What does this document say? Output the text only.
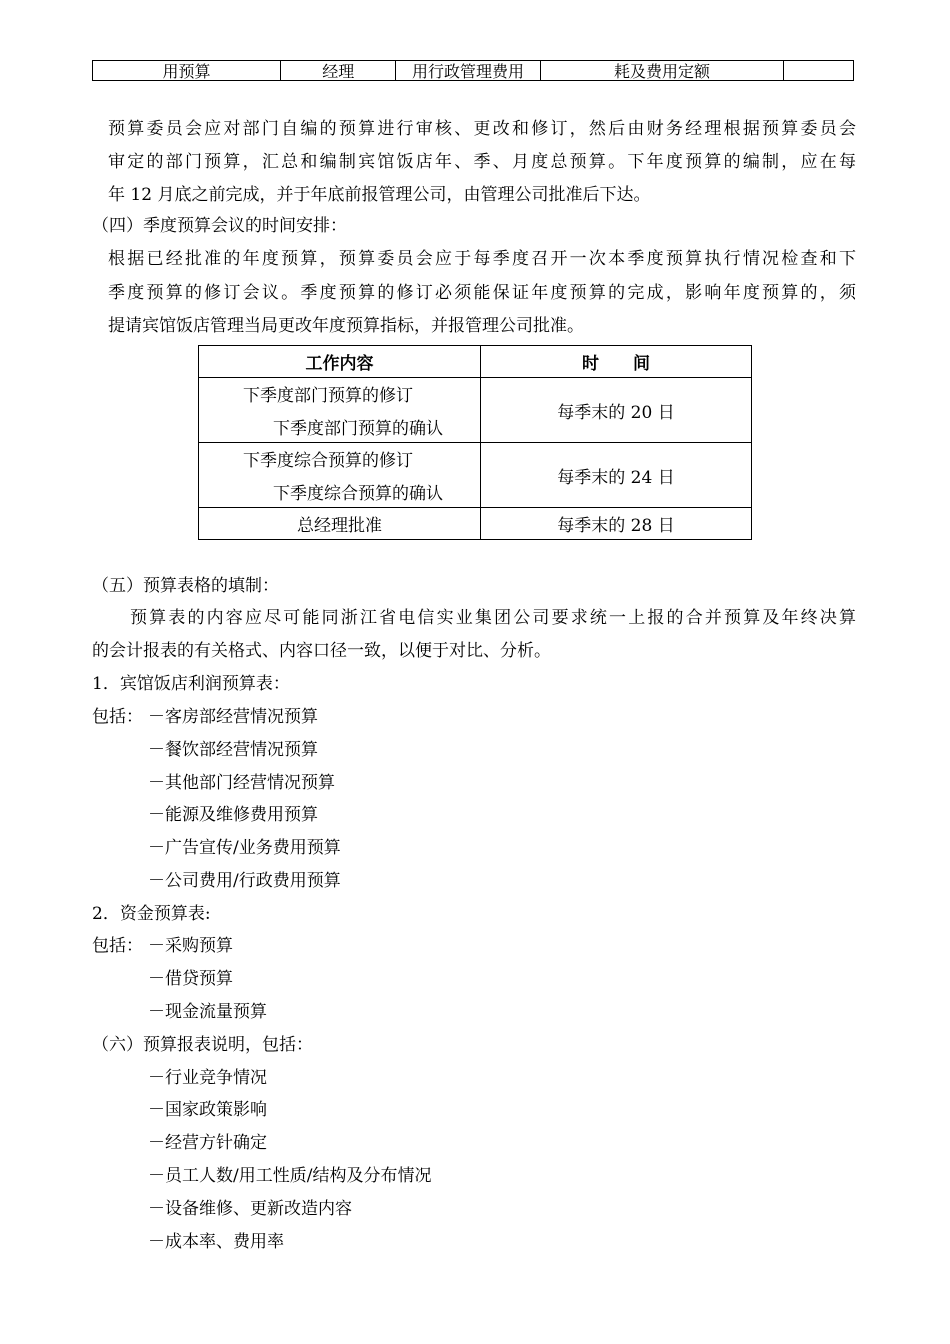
用预算	经理	用行政管理费用	耗及费用定额
预算委员会应对部门自编的预算进行审核、更改和修订，然后由财务经理根据预算委员会
审定的部门预算，汇总和编制宾馆饭店年、季、月度总预算。下年度预算的编制，应在每
年 12 月底之前完成，并于年底前报管理公司，由管理公司批准后下达。
（四）季度预算会议的时间安排：
根据已经批准的年度预算，预算委员会应于每季度召开一次本季度预算执行情况检查和下
季度预算的修订会议。季度预算的修订必须能保证年度预算的完成，影响年度预算的，须
提请宾馆饭店管理当局更改年度预算指标，并报管理公司批准。
工作内容	时　　间

下季度部门预算的修订
下季度部门预算的确认	每季末的 20 日

下季度综合预算的修订
下季度综合预算的确认	每季末的 24 日
总经理批准	每季末的 28 日
（五）预算表格的填制：
预算表的内容应尽可能同浙江省电信实业集团公司要求统一上报的合并预算及年终决算
的会计报表的有关格式、内容口径一致，以便于对比、分析。
1．宾馆饭店利润预算表：
包括： －客房部经营情况预算
－餐饮部经营情况预算
－其他部门经营情况预算
－能源及维修费用预算
－广告宣传/业务费用预算
－公司费用/行政费用预算
2．资金预算表:
包括： －采购预算
－借贷预算
－现金流量预算
（六）预算报表说明，包括：
－行业竞争情况
－国家政策影响
－经营方针确定
－员工人数/用工性质/结构及分布情况
－设备维修、更新改造内容
－成本率、费用率
